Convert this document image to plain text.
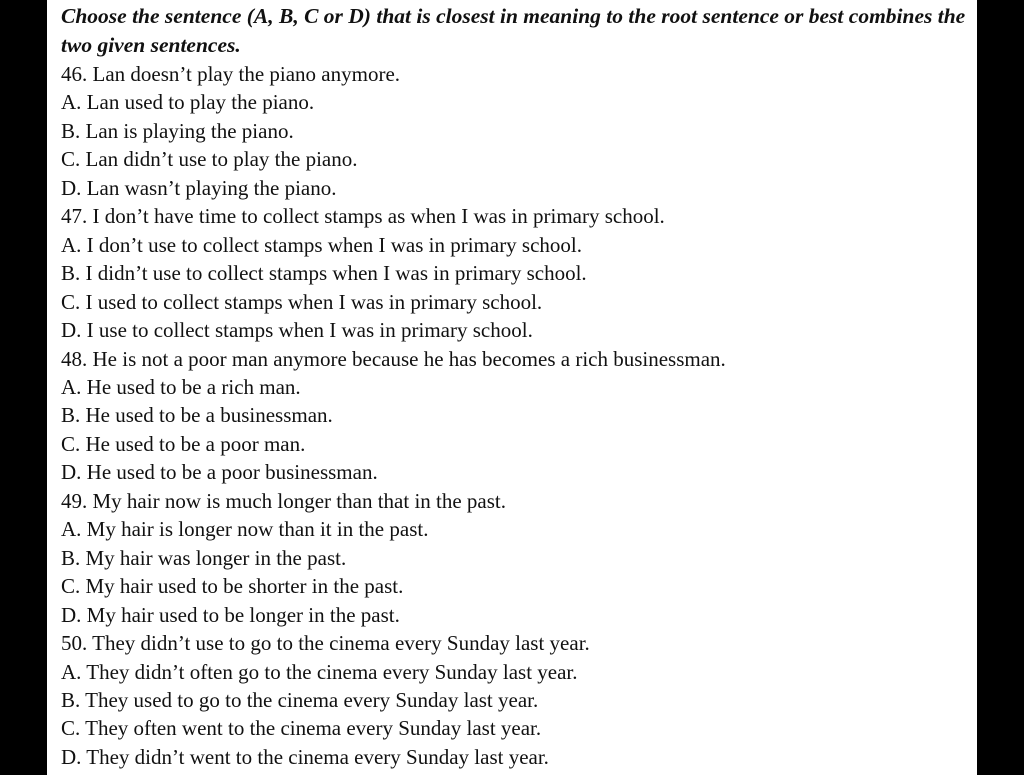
Choose the sentence (A, B, C or D) that is closest in meaning to the root sentence or best combines the two given sentences.

46. Lan doesn’t play the piano anymore.
A. Lan used to play the piano.
B. Lan is playing the piano.
C. Lan didn’t use to play the piano.
D. Lan wasn’t playing the piano.
47. I don’t have time to collect stamps as when I was in primary school.
A. I don’t use to collect stamps when I was in primary school.
B. I didn’t use to collect stamps when I was in primary school.
C. I used to collect stamps when I was in primary school.
D. I use to collect stamps when I was in primary school.
48. He is not a poor man anymore because he has becomes a rich businessman.
A. He used to be a rich man.
B. He used to be a businessman.
C. He used to be a poor man.
D. He used to be a poor businessman.
49. My hair now is much longer than that in the past.
A. My hair is longer now than it in the past.
B. My hair was longer in the past.
C. My hair used to be shorter in the past.
D. My hair used to be longer in the past.
50. They didn’t use to go to the cinema every Sunday last year.
A. They didn’t often go to the cinema every Sunday last year.
B. They used to go to the cinema every Sunday last year.
C. They often went to the cinema every Sunday last year.
D. They didn’t went to the cinema every Sunday last year.
